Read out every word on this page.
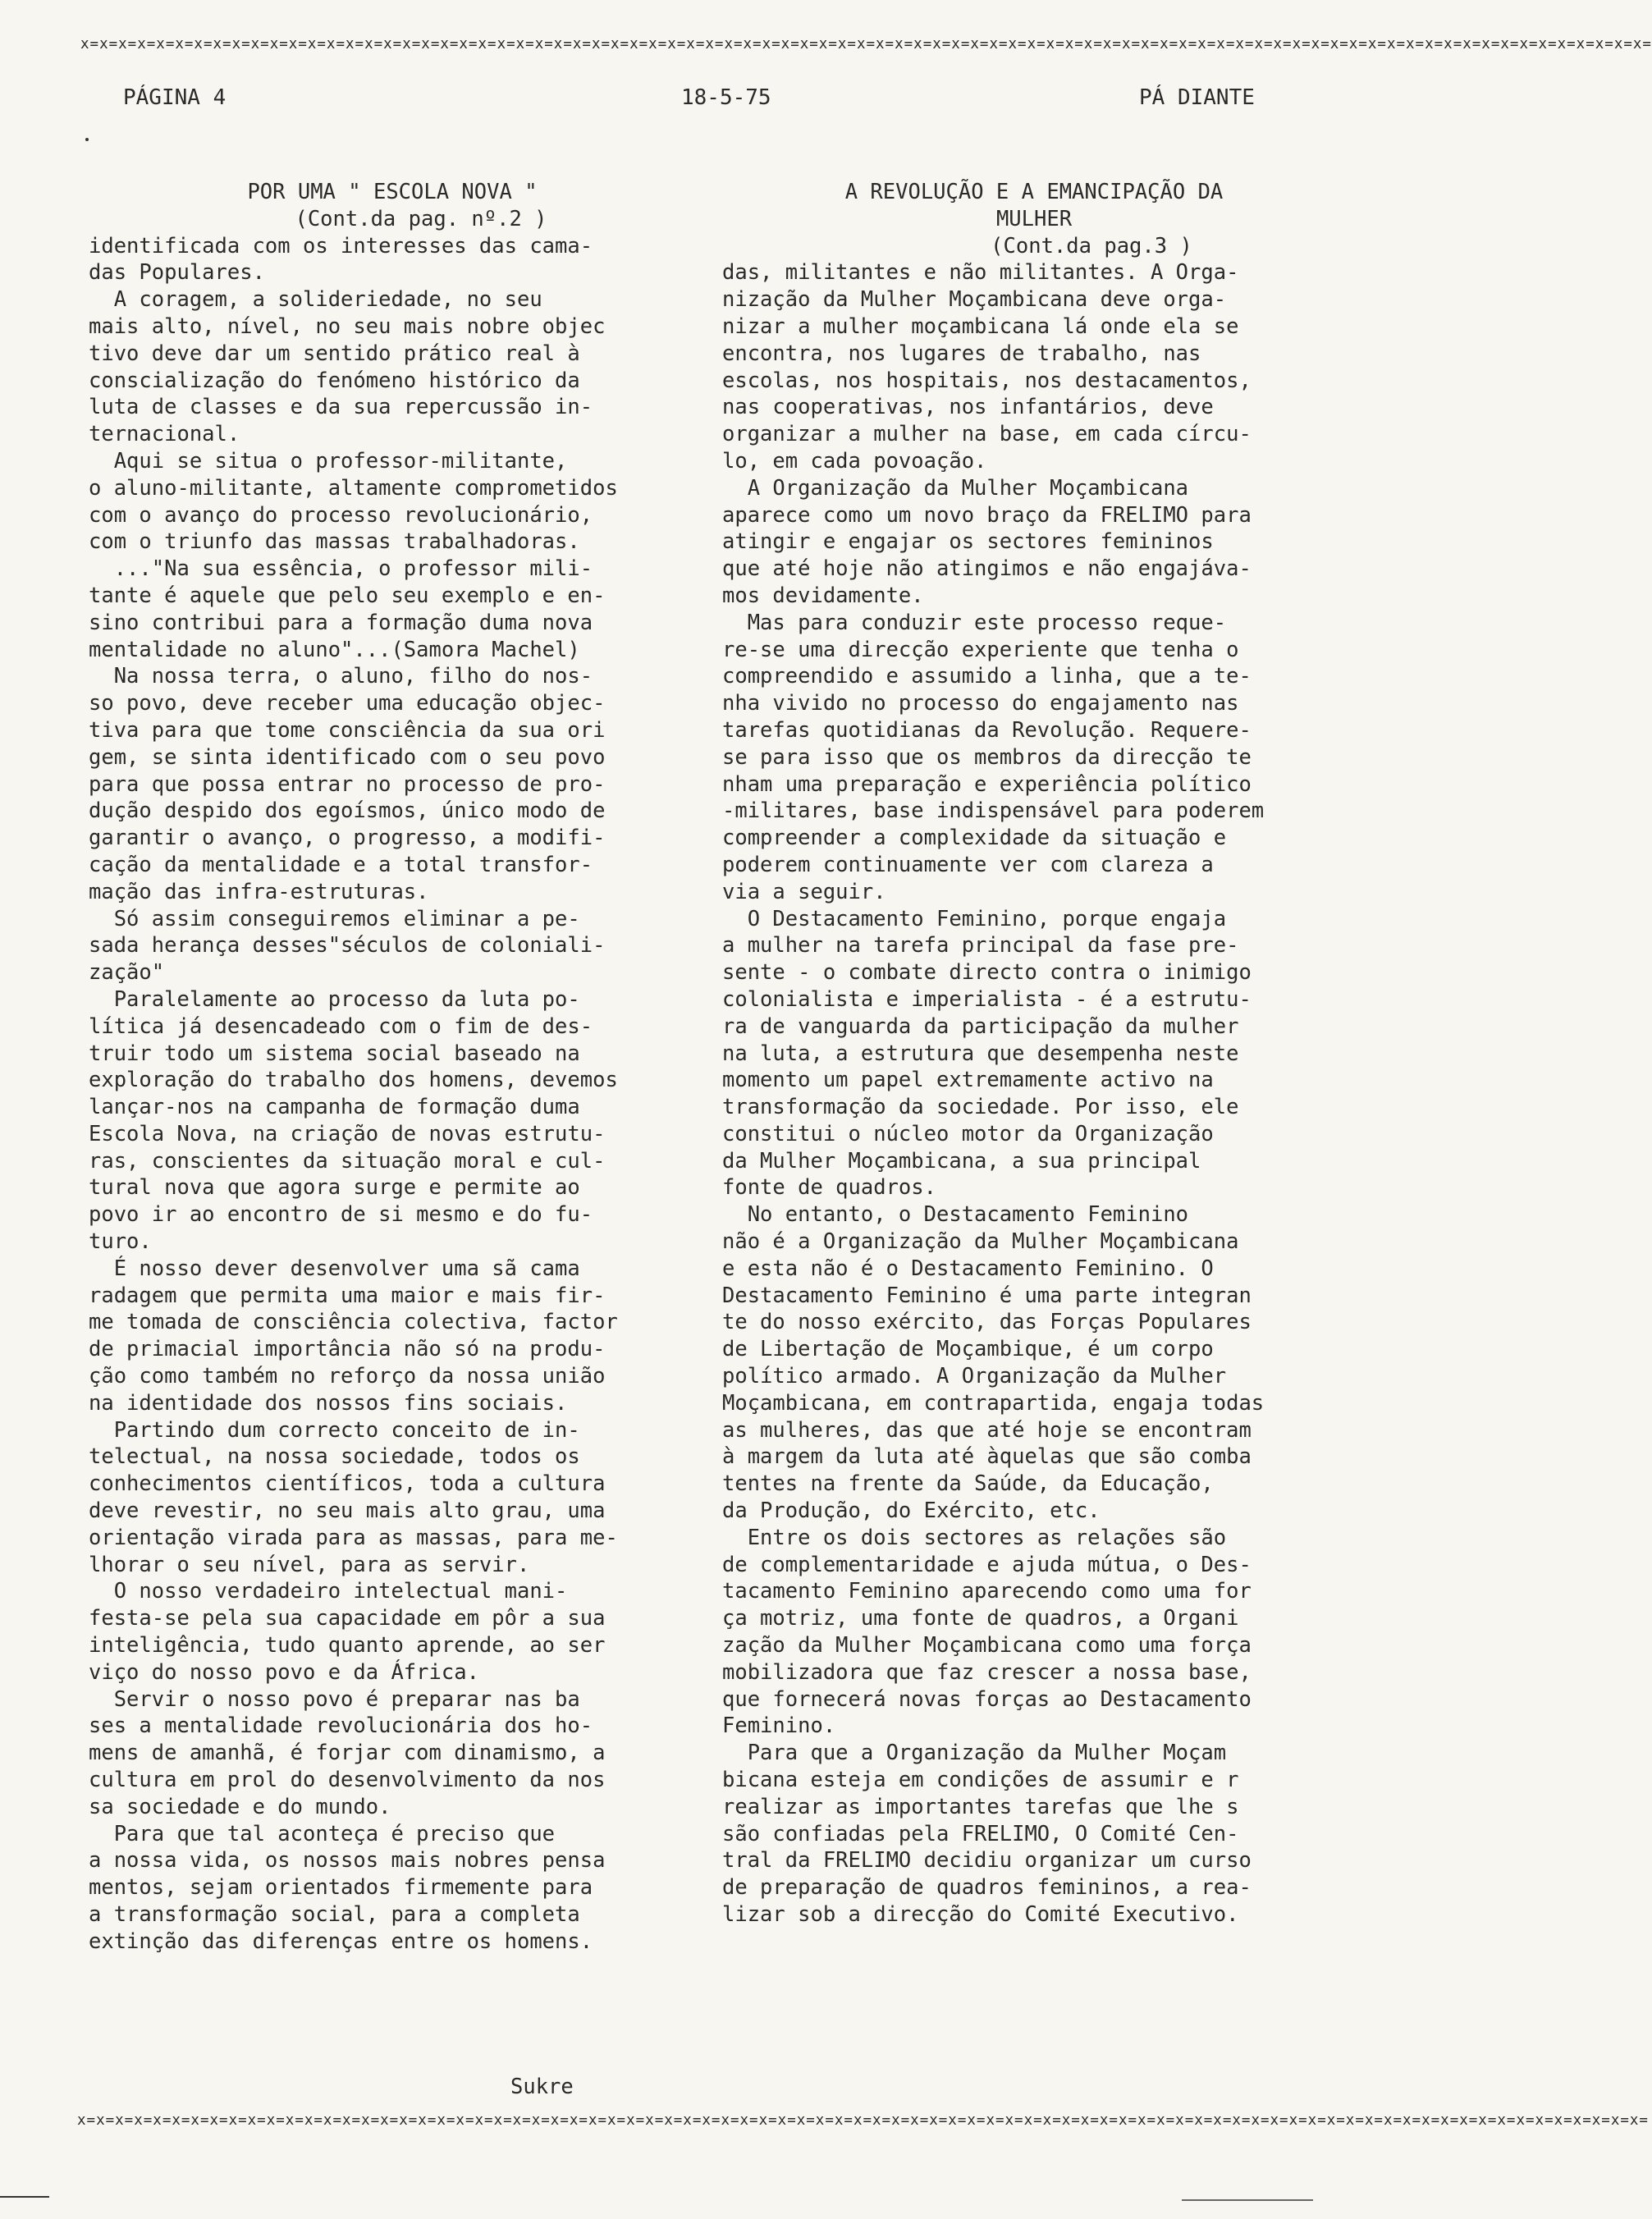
x=x=x=x=x=x=x=x=x=x=x=x=x=x=x=x=x=x=x=x=x=x=x=x=x=x=x=x=x=x=x=x=x=x=x=x=x=x=x=x=x=x=x=x=x=x=x=x=x=x=x=x=x=x=x=x=x=x=x=x=x=x=x=x=x=x=x=x=x=x=x=x=x=x=x=x=x=x=x=x=x=x=x=
PÁGINA 4	18-5-75	PÁ DIANTE
POR UMA " ESCOLA NOVA "
(Cont.da pag. nº.2 )
identificada com os interesses das cama-
das Populares.
A coragem, a solideriedade, no seu
mais alto, nível, no seu mais nobre objec
tivo deve dar um sentido prático real à
conscialização do fenómeno histórico da
luta de classes e da sua repercussão in-
ternacional.
Aqui se situa o professor-militante,
o aluno-militante, altamente comprometidos
com o avanço do processo revolucionário,
com o triunfo das massas trabalhadoras.
..."Na sua essência, o professor mili-
tante é aquele que pelo seu exemplo e en-
sino contribui para a formação duma nova
mentalidade no aluno"...(Samora Machel)
Na nossa terra, o aluno, filho do nos-
so povo, deve receber uma educação objec-
tiva para que tome consciência da sua ori
gem, se sinta identificado com o seu povo
para que possa entrar no processo de pro-
dução despido dos egoísmos, único modo de
garantir o avanço, o progresso, a modifi-
cação da mentalidade e a total transfor-
mação das infra-estruturas.
Só assim conseguiremos eliminar a pe-
sada herança desses"séculos de coloniali-
zação"
Paralelamente ao processo da luta po-
lítica já desencadeado com o fim de des-
truir todo um sistema social baseado na
exploração do trabalho dos homens, devemos
lançar-nos na campanha de formação duma
Escola Nova, na criação de novas estrutu-
ras, conscientes da situação moral e cul-
tural nova que agora surge e permite ao
povo ir ao encontro de si mesmo e do fu-
turo.
É nosso dever desenvolver uma sã cama
radagem que permita uma maior e mais fir-
me tomada de consciência colectiva, factor
de primacial importância não só na produ-
ção como também no reforço da nossa união
na identidade dos nossos fins sociais.
Partindo dum correcto conceito de in-
telectual, na nossa sociedade, todos os
conhecimentos científicos, toda a cultura
deve revestir, no seu mais alto grau, uma
orientação virada para as massas, para me-
lhorar o seu nível, para as servir.
O nosso verdadeiro intelectual mani-
festa-se pela sua capacidade em pôr a sua
inteligência, tudo quanto aprende, ao ser
viço do nosso povo e da África.
Servir o nosso povo é preparar nas ba
ses a mentalidade revolucionária dos ho-
mens de amanhã, é forjar com dinamismo, a
cultura em prol do desenvolvimento da nos
sa sociedade e do mundo.
Para que tal aconteça é preciso que
a nossa vida, os nossos mais nobres pensa
mentos, sejam orientados firmemente para
a transformação social, para a completa
extinção das diferenças entre os homens.
A REVOLUÇÃO E A EMANCIPAÇÃO DA
MULHER
(Cont.da pag.3 )
das, militantes e não militantes. A Orga-
nização da Mulher Moçambicana deve orga-
nizar a mulher moçambicana lá onde ela se
encontra, nos lugares de trabalho, nas
escolas, nos hospitais, nos destacamentos,
nas cooperativas, nos infantários, deve
organizar a mulher na base, em cada círcu-
lo, em cada povoação.
A Organização da Mulher Moçambicana
aparece como um novo braço da FRELIMO para
atingir e engajar os sectores femininos
que até hoje não atingimos e não engajáva-
mos devidamente.
Mas para conduzir este processo reque-
re-se uma direcção experiente que tenha o
compreendido e assumido a linha, que a te-
nha vivido no processo do engajamento nas
tarefas quotidianas da Revolução. Requere-
se para isso que os membros da direcção te
nham uma preparação e experiência político
-militares, base indispensável para poderem
compreender a complexidade da situação e
poderem continuamente ver com clareza a
via a seguir.
O Destacamento Feminino, porque engaja
a mulher na tarefa principal da fase pre-
sente - o combate directo contra o inimigo
colonialista e imperialista - é a estrutu-
ra de vanguarda da participação da mulher
na luta, a estrutura que desempenha neste
momento um papel extremamente activo na
transformação da sociedade. Por isso, ele
constitui o núcleo motor da Organização
da Mulher Moçambicana, a sua principal
fonte de quadros.
No entanto, o Destacamento Feminino
não é a Organização da Mulher Moçambicana
e esta não é o Destacamento Feminino. O
Destacamento Feminino é uma parte integran
te do nosso exército, das Forças Populares
de Libertação de Moçambique, é um corpo
político armado. A Organização da Mulher
Moçambicana, em contrapartida, engaja todas
as mulheres, das que até hoje se encontram
à margem da luta até àquelas que são comba
tentes na frente da Saúde, da Educação,
da Produção, do Exército, etc.
Entre os dois sectores as relações são
de complementaridade e ajuda mútua, o Des-
tacamento Feminino aparecendo como uma for
ça motriz, uma fonte de quadros, a Organi
zação da Mulher Moçambicana como uma força
mobilizadora que faz crescer a nossa base,
que fornecerá novas forças ao Destacamento
Feminino.
Para que a Organização da Mulher Moçam
bicana esteja em condições de assumir e r
realizar as importantes tarefas que lhe s
são confiadas pela FRELIMO, O Comité Cen-
tral da FRELIMO decidiu organizar um curso
de preparação de quadros femininos, a rea-
lizar sob a direcção do Comité Executivo.
Sukre
x=x=x=x=x=x=x=x=x=x=x=x=x=x=x=x=x=x=x=x=x=x=x=x=x=x=x=x=x=x=x=x=x=x=x=x=x=x=x=x=x=x=x=x=x=x=x=x=x=x=x=x=x=x=x=x=x=x=x=x=x=x=x=x=x=x=x=x=x=x=x=x=x=x=x=x=x=x=x=x=x=x=x=
